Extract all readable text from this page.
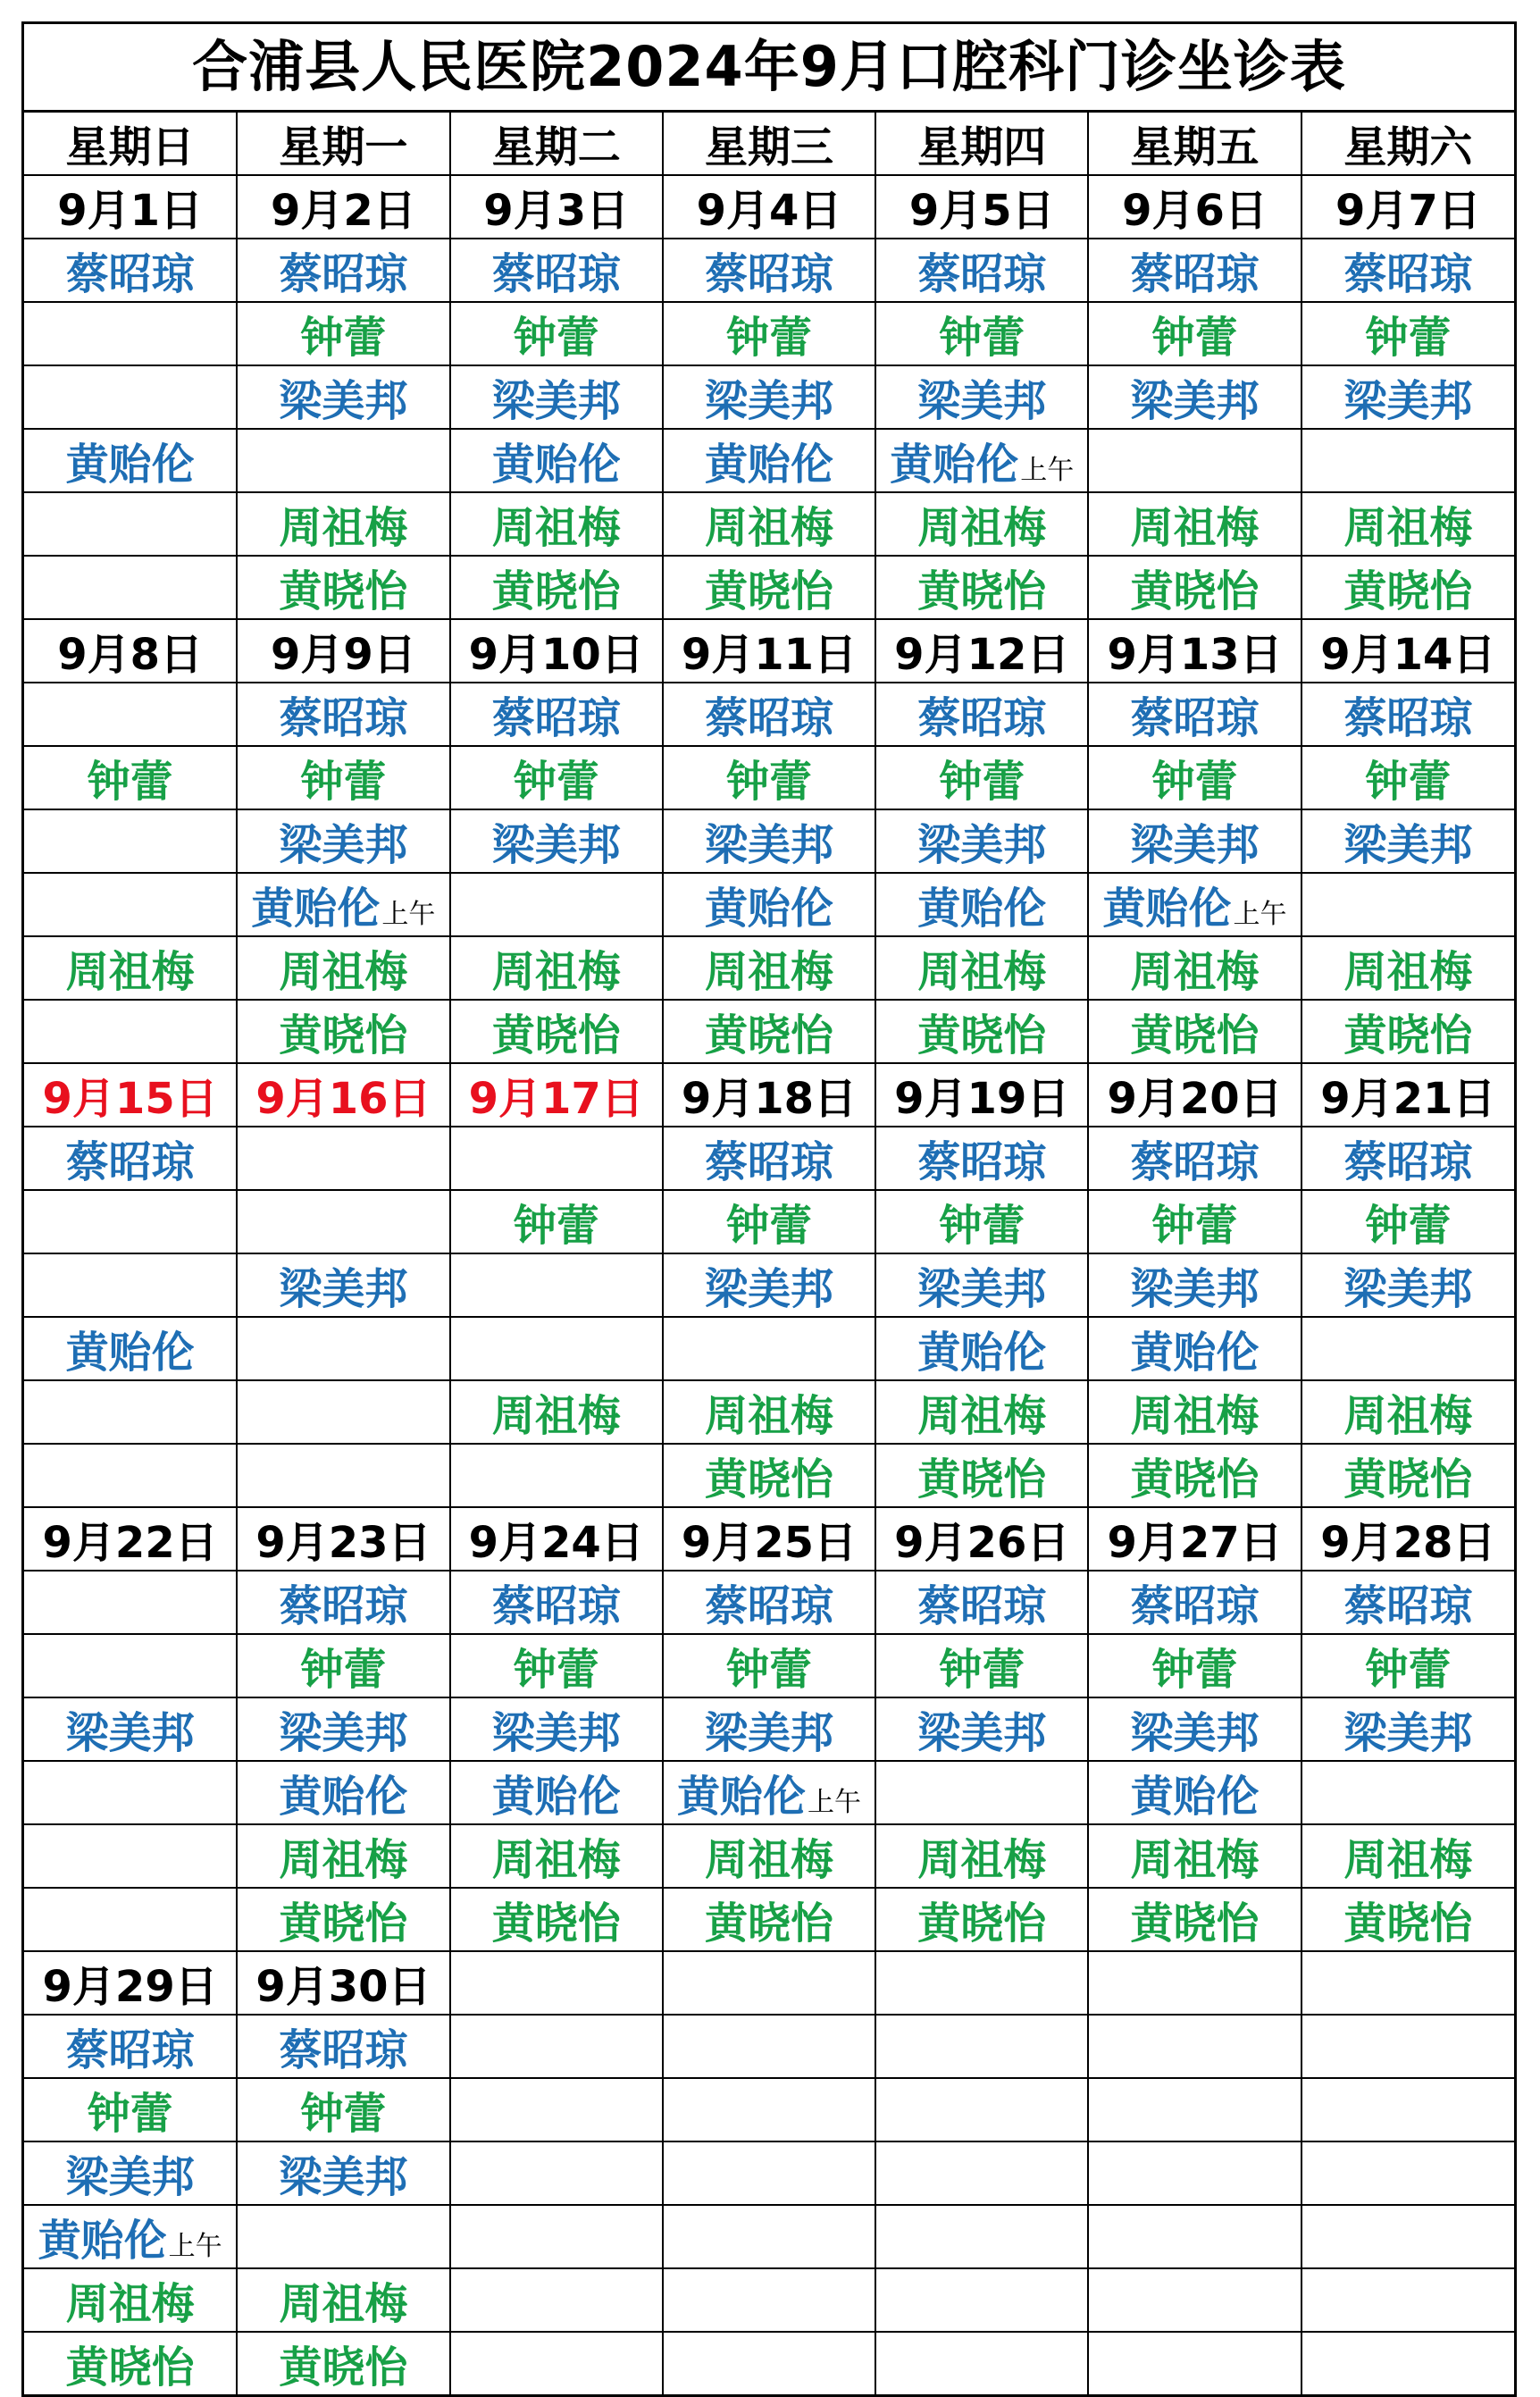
合浦县人民医院2024年9月口腔科门诊坐诊表
星期日	星期一	星期二	星期三	星期四	星期五	星期六
9月1日	9月2日	9月3日	9月4日	9月5日	9月6日	9月7日
蔡昭琼	蔡昭琼	蔡昭琼	蔡昭琼	蔡昭琼	蔡昭琼	蔡昭琼
	钟蕾	钟蕾	钟蕾	钟蕾	钟蕾	钟蕾
	梁美邦	梁美邦	梁美邦	梁美邦	梁美邦	梁美邦
黄贻伦		黄贻伦	黄贻伦	黄贻伦上午		
	周祖梅	周祖梅	周祖梅	周祖梅	周祖梅	周祖梅
	黄晓怡	黄晓怡	黄晓怡	黄晓怡	黄晓怡	黄晓怡
9月8日	9月9日	9月10日	9月11日	9月12日	9月13日	9月14日
	蔡昭琼	蔡昭琼	蔡昭琼	蔡昭琼	蔡昭琼	蔡昭琼
钟蕾	钟蕾	钟蕾	钟蕾	钟蕾	钟蕾	钟蕾
	梁美邦	梁美邦	梁美邦	梁美邦	梁美邦	梁美邦
	黄贻伦上午		黄贻伦	黄贻伦	黄贻伦上午	
周祖梅	周祖梅	周祖梅	周祖梅	周祖梅	周祖梅	周祖梅
	黄晓怡	黄晓怡	黄晓怡	黄晓怡	黄晓怡	黄晓怡
9月15日	9月16日	9月17日	9月18日	9月19日	9月20日	9月21日
蔡昭琼			蔡昭琼	蔡昭琼	蔡昭琼	蔡昭琼
		钟蕾	钟蕾	钟蕾	钟蕾	钟蕾
	梁美邦		梁美邦	梁美邦	梁美邦	梁美邦
黄贻伦				黄贻伦	黄贻伦	
		周祖梅	周祖梅	周祖梅	周祖梅	周祖梅
			黄晓怡	黄晓怡	黄晓怡	黄晓怡
9月22日	9月23日	9月24日	9月25日	9月26日	9月27日	9月28日
	蔡昭琼	蔡昭琼	蔡昭琼	蔡昭琼	蔡昭琼	蔡昭琼
	钟蕾	钟蕾	钟蕾	钟蕾	钟蕾	钟蕾
梁美邦	梁美邦	梁美邦	梁美邦	梁美邦	梁美邦	梁美邦
	黄贻伦	黄贻伦	黄贻伦上午		黄贻伦	
	周祖梅	周祖梅	周祖梅	周祖梅	周祖梅	周祖梅
	黄晓怡	黄晓怡	黄晓怡	黄晓怡	黄晓怡	黄晓怡
9月29日	9月30日					
蔡昭琼	蔡昭琼					
钟蕾	钟蕾					
梁美邦	梁美邦					
黄贻伦上午						
周祖梅	周祖梅					
黄晓怡	黄晓怡					
